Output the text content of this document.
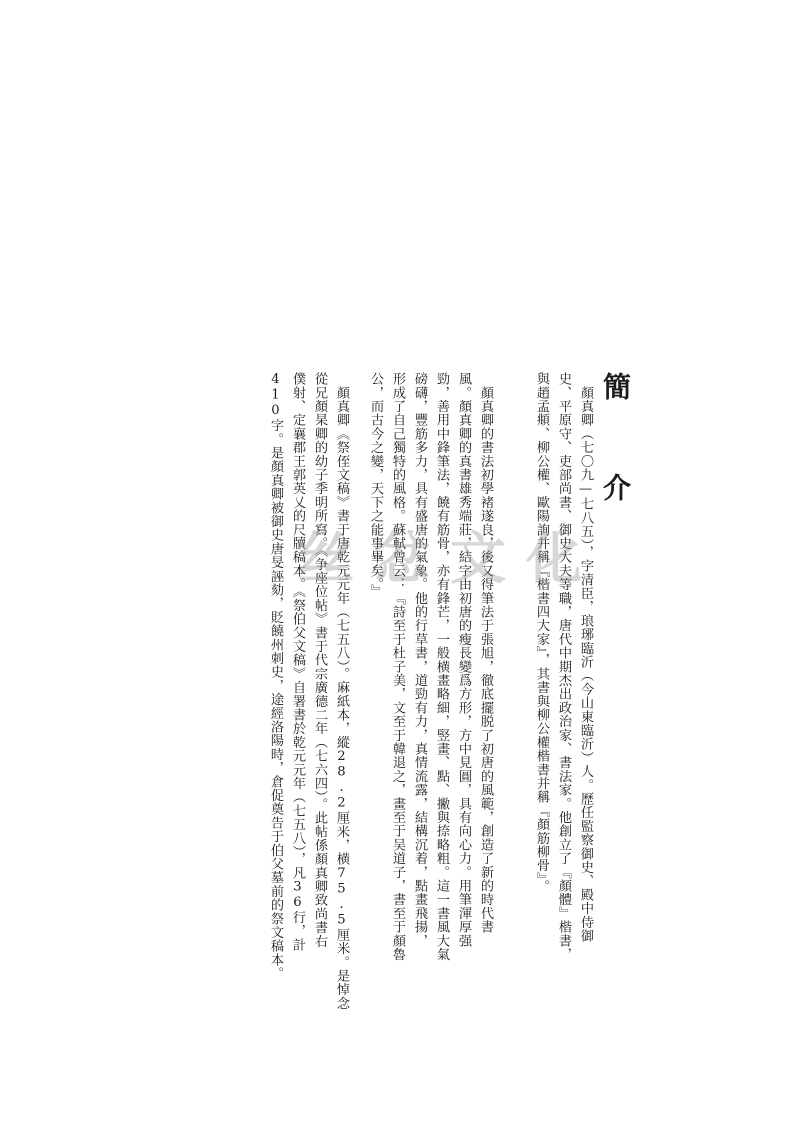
簡 介
　顏真卿（七〇九—七八五），字清臣，琅琊臨沂（今山東臨沂）人。歷任監察御史、殿中侍御
史、平原守、吏部尚書、御史大夫等職，唐代中期杰出政治家、書法家。他創立了『顏體』楷書，
與趙孟頫、柳公權、歐陽詢并稱『楷書四大家』，其書與柳公權楷書并稱『顏筋柳骨』。
　顏真卿的書法初學褚遂良，後又得筆法于張旭，徹底擺脱了初唐的風範，創造了新的時代書
風。顏真卿的真書雄秀端莊，結字由初唐的瘦長變爲方形，方中見圓，具有向心力。用筆渾厚强
勁，善用中鋒筆法，饒有筋骨，亦有鋒芒，一般横畫略細，竪畫、點、撇與捺略粗。這一書風大氣
磅礴，豐筋多力，具有盛唐的氣象。他的行草書，道勁有力，真情流露，結構沉着，點畫飛揚，
形成了自己獨特的風格。蘇軾曾云：『詩至于杜子美，文至于韓退之，畫至于吴道子，書至于顏魯
公，而古今之變，天下之能事畢矣。』
　顏真卿《祭侄文稿》書于唐乾元元年（七五八）。麻紙本，縱28.2厘米，横75.5厘米。是悼念
從兄顏杲卿的幼子季明所寫。《争座位帖》書于代宗廣德二年（七六四）。此帖係顏真卿致尚書右
僕射、定襄郡王郭英乂的尺牘稿本。《祭伯父文稿》自署書於乾元元年（七五八），凡36行，計
410字。是顏真卿被御史唐旻誣劾，貶饒州刺史，途經洛陽時，倉促奠告于伯父墓前的祭文稿本。 丝忿文化
